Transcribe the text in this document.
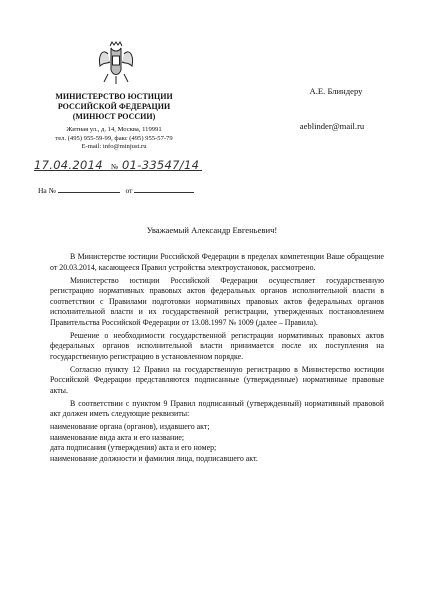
МИНИСТЕРСТВО ЮСТИЦИИ
РОССИЙСКОЙ ФЕДЕРАЦИИ
(МИНЮСТ РОССИИ)
Житная ул., д. 14, Москва, 119991
тел. (495) 955-59-99, факс (495) 955-57-79
E-mail: info@minjust.ru
17.04.2014 № 01-33547/14
На №	от
А.Е. Блиндеру
aeblinder@mail.ru
Уважаемый Александр Евгеньевич!

В Министерстве юстиции Российской Федерации в пределах компетенции Ваше обращение от 20.03.2014, касающееся Правил устройства электроустановок, рассмотрено.

Министерство юстиции Российской Федерации осуществляет государственную регистрацию нормативных правовых актов федеральных органов исполнительной власти в соответствии с Правилами подготовки нормативных правовых актов федеральных органов исполнительной власти и их государственной регистрации, утвержденных постановлением Правительства Российской Федерации от 13.08.1997 № 1009 (далее – Правила).

Решение о необходимости государственной регистрации нормативных правовых актов федеральных органов исполнительной власти принимается после их поступления на государственную регистрацию в установленном порядке.

Согласно пункту 12 Правил на государственную регистрацию в Министерство юстиции Российской Федерации представляются подписанные (утвержденные) нормативные правовые акты.

В соответствии с пунктом 9 Правил подписанный (утвержденный) нормативный правовой акт должен иметь следующие реквизиты:

наименование органа (органов), издавшего акт;

наименование вида акта и его название;

дата подписания (утверждения) акта и его номер;

наименование должности и фамилия лица, подписавшего акт.
